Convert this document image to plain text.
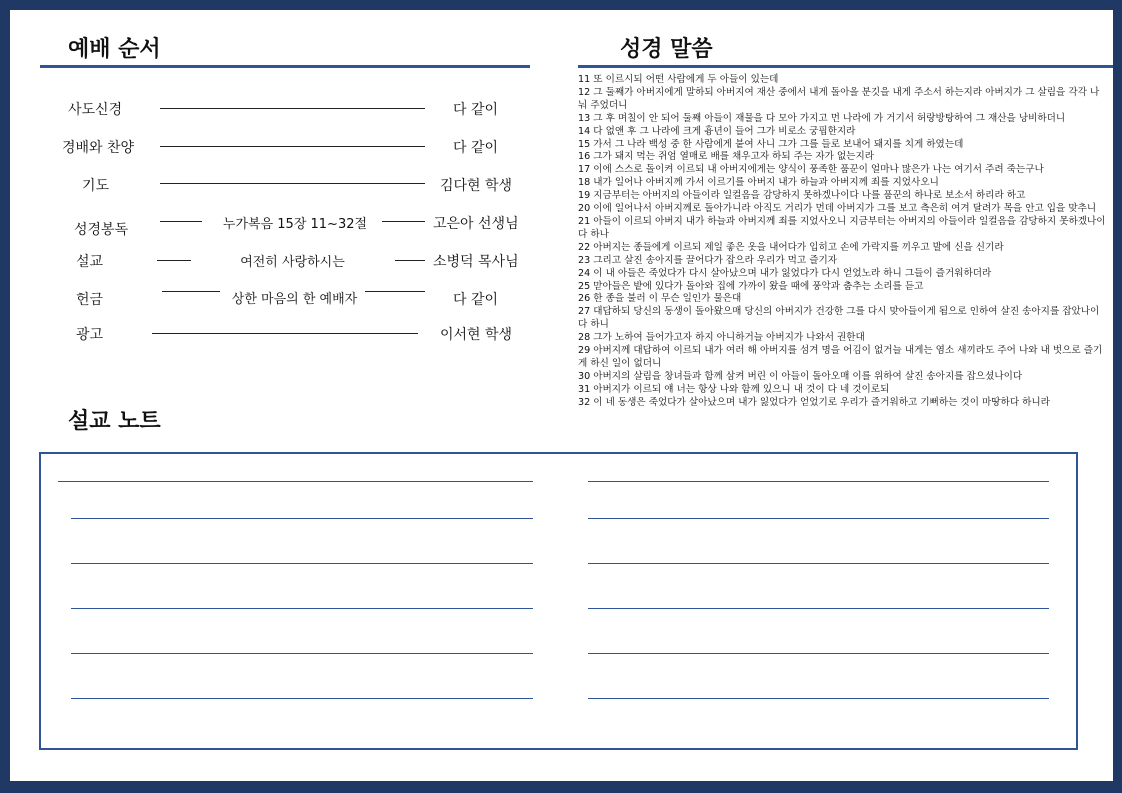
예배 순서
사도신경	다 같이
경배와 찬양	다 같이
기도	김다현 학생
성경봉독	누가복음 15장 11~32절	고은아 선생님
설교	여전히 사랑하시는	소병덕 목사님
헌금	상한 마음의 한 예배자	다 같이
광고	이서현 학생
성경 말씀
11 또 이르시되 어떤 사람에게 두 아들이 있는데
12 그 둘째가 아버지에게 말하되 아버지여 재산 중에서 내게 돌아올 분깃을 내게 주소서 하는지라 아버지가 그 살림을 각각 나눠 주었더니
13 그 후 며칠이 안 되어 둘째 아들이 재물을 다 모아 가지고 먼 나라에 가 거기서 허랑방탕하여 그 재산을 낭비하더니
14 다 없앤 후 그 나라에 크게 흉년이 들어 그가 비로소 궁핍한지라
15 가서 그 나라 백성 중 한 사람에게 붙여 사니 그가 그를 들로 보내어 돼지를 치게 하였는데
16 그가 돼지 먹는 쥐엄 열매로 배를 채우고자 하되 주는 자가 없는지라
17 이에 스스로 돌이켜 이르되 내 아버지에게는 양식이 풍족한 품꾼이 얼마나 많은가 나는 여기서 주려 죽는구나
18 내가 일어나 아버지께 가서 이르기를 아버지 내가 하늘과 아버지께 죄를 지었사오니
19 지금부터는 아버지의 아들이라 일컬음을 감당하지 못하겠나이다 나를 품꾼의 하나로 보소서 하리라 하고
20 이에 일어나서 아버지께로 돌아가니라 아직도 거리가 먼데 아버지가 그를 보고 측은히 여겨 달려가 목을 안고 입을 맞추니
21 아들이 이르되 아버지 내가 하늘과 아버지께 죄를 지었사오니 지금부터는 아버지의 아들이라 일컬음을 감당하지 못하겠나이다 하나
22 아버지는 종들에게 이르되 제일 좋은 옷을 내어다가 입히고 손에 가락지를 끼우고 발에 신을 신기라
23 그리고 살진 송아지를 끌어다가 잡으라 우리가 먹고 즐기자
24 이 내 아들은 죽었다가 다시 살아났으며 내가 잃었다가 다시 얻었노라 하니 그들이 즐거워하더라
25 맏아들은 밭에 있다가 돌아와 집에 가까이 왔을 때에 풍악과 춤추는 소리를 듣고
26 한 종을 불러 이 무슨 일인가 물은대
27 대답하되 당신의 동생이 돌아왔으매 당신의 아버지가 건강한 그를 다시 맞아들이게 됨으로 인하여 살진 송아지를 잡았나이다 하니
28 그가 노하여 들어가고자 하지 아니하거늘 아버지가 나와서 권한대
29 아버지께 대답하여 이르되 내가 여러 해 아버지를 섬겨 명을 어김이 없거늘 내게는 염소 새끼라도 주어 나와 내 벗으로 즐기게 하신 일이 없더니
30 아버지의 살림을 창녀들과 함께 삼켜 버린 이 아들이 돌아오매 이를 위하여 살진 송아지를 잡으셨나이다
31 아버지가 이르되 얘 너는 항상 나와 함께 있으니 내 것이 다 네 것이로되
32 이 네 동생은 죽었다가 살아났으며 내가 잃었다가 얻었기로 우리가 즐거워하고 기뻐하는 것이 마땅하다 하니라
설교 노트
